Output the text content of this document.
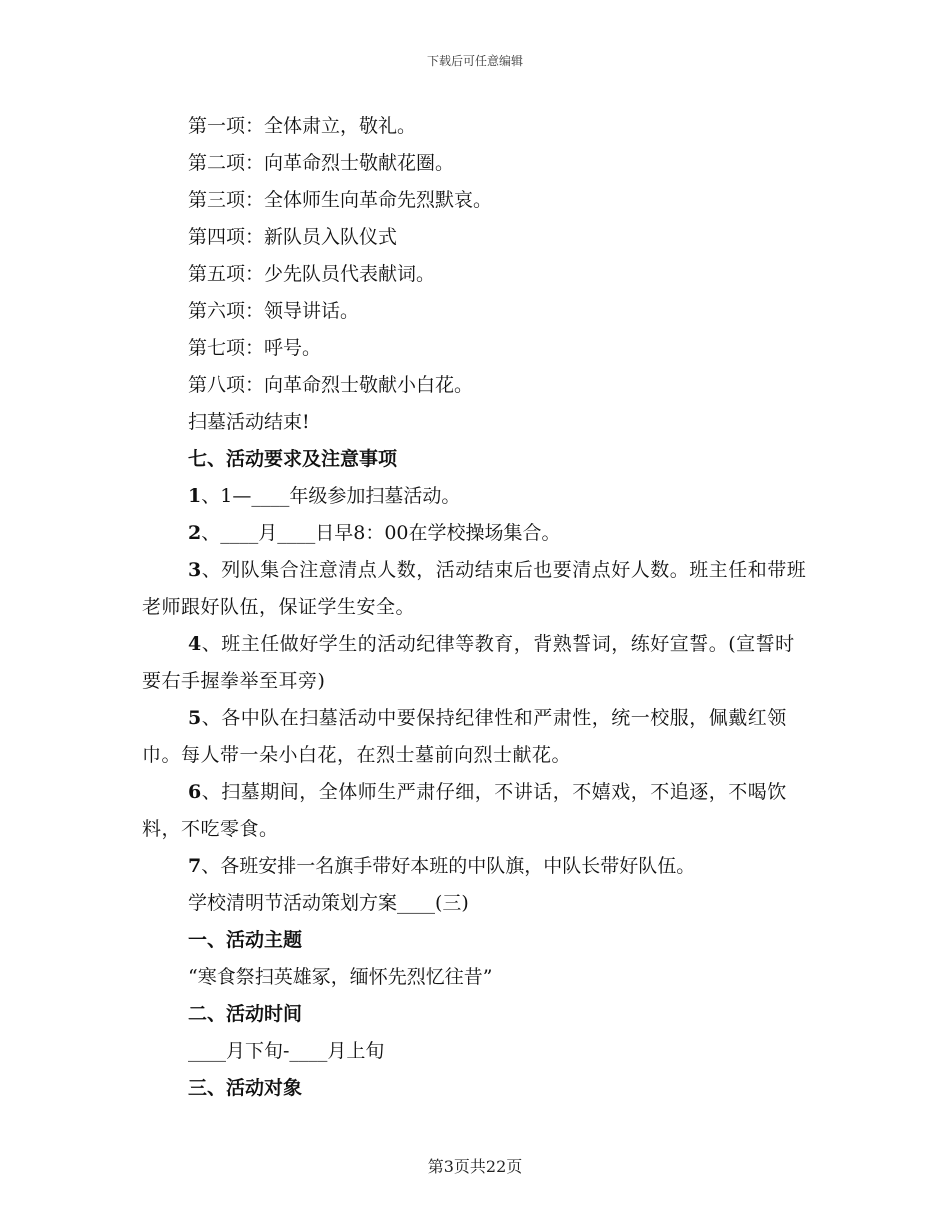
下载后可任意编辑

第一项：全体肃立，敬礼。

第二项：向革命烈士敬献花圈。

第三项：全体师生向革命先烈默哀。

第四项：新队员入队仪式

第五项：少先队员代表献词。

第六项：领导讲话。

第七项：呼号。

第八项：向革命烈士敬献小白花。

扫墓活动结束!

七、活动要求及注意事项

1、1—____年级参加扫墓活动。

2、____月____日早8：00在学校操场集合。

3、列队集合注意清点人数，活动结束后也要清点好人数。班主任和带班老师跟好队伍，保证学生安全。

4、班主任做好学生的活动纪律等教育，背熟誓词，练好宣誓。(宣誓时要右手握拳举至耳旁)

5、各中队在扫墓活动中要保持纪律性和严肃性，统一校服，佩戴红领巾。每人带一朵小白花，在烈士墓前向烈士献花。

6、扫墓期间，全体师生严肃仔细，不讲话，不嬉戏，不追逐，不喝饮料，不吃零食。

7、各班安排一名旗手带好本班的中队旗，中队长带好队伍。

学校清明节活动策划方案____(三)

一、活动主题

“寒食祭扫英雄冢，缅怀先烈忆往昔”

二、活动时间

____月下旬-____月上旬

三、活动对象

第3页共22页
